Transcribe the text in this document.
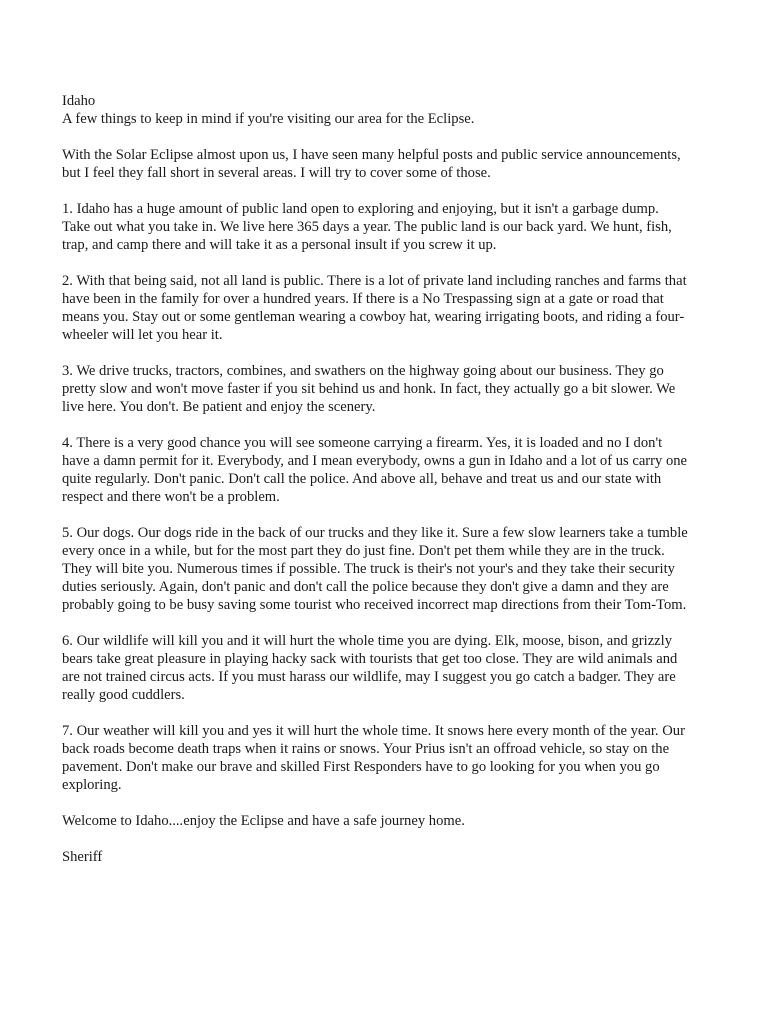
Idaho

A few things to keep in mind if you're visiting our area for the Eclipse.

With the Solar Eclipse almost upon us, I have seen many helpful posts and public service announcements,

but I feel they fall short in several areas. I will try to cover some of those.

1. Idaho has a huge amount of public land open to exploring and enjoying, but it isn't a garbage dump.

Take out what you take in. We live here 365 days a year. The public land is our back yard. We hunt, fish,

trap, and camp there and will take it as a personal insult if you screw it up.

2. With that being said, not all land is public. There is a lot of private land including ranches and farms that

have been in the family for over a hundred years. If there is a No Trespassing sign at a gate or road that

means you. Stay out or some gentleman wearing a cowboy hat, wearing irrigating boots, and riding a four-

wheeler will let you hear it.

3. We drive trucks, tractors, combines, and swathers on the highway going about our business. They go

pretty slow and won't move faster if you sit behind us and honk. In fact, they actually go a bit slower. We

live here. You don't. Be patient and enjoy the scenery.

4. There is a very good chance you will see someone carrying a firearm. Yes, it is loaded and no I don't

have a damn permit for it. Everybody, and I mean everybody, owns a gun in Idaho and a lot of us carry one

quite regularly. Don't panic. Don't call the police. And above all, behave and treat us and our state with

respect and there won't be a problem.

5. Our dogs. Our dogs ride in the back of our trucks and they like it. Sure a few slow learners take a tumble

every once in a while, but for the most part they do just fine. Don't pet them while they are in the truck.

They will bite you. Numerous times if possible. The truck is their's not your's and they take their security

duties seriously. Again, don't panic and don't call the police because they don't give a damn and they are

probably going to be busy saving some tourist who received incorrect map directions from their Tom-Tom.

6. Our wildlife will kill you and it will hurt the whole time you are dying. Elk, moose, bison, and grizzly

bears take great pleasure in playing hacky sack with tourists that get too close. They are wild animals and

are not trained circus acts. If you must harass our wildlife, may I suggest you go catch a badger. They are

really good cuddlers.

7. Our weather will kill you and yes it will hurt the whole time. It snows here every month of the year. Our

back roads become death traps when it rains or snows. Your Prius isn't an offroad vehicle, so stay on the

pavement. Don't make our brave and skilled First Responders have to go looking for you when you go

exploring.

Welcome to Idaho....enjoy the Eclipse and have a safe journey home.

Sheriff
